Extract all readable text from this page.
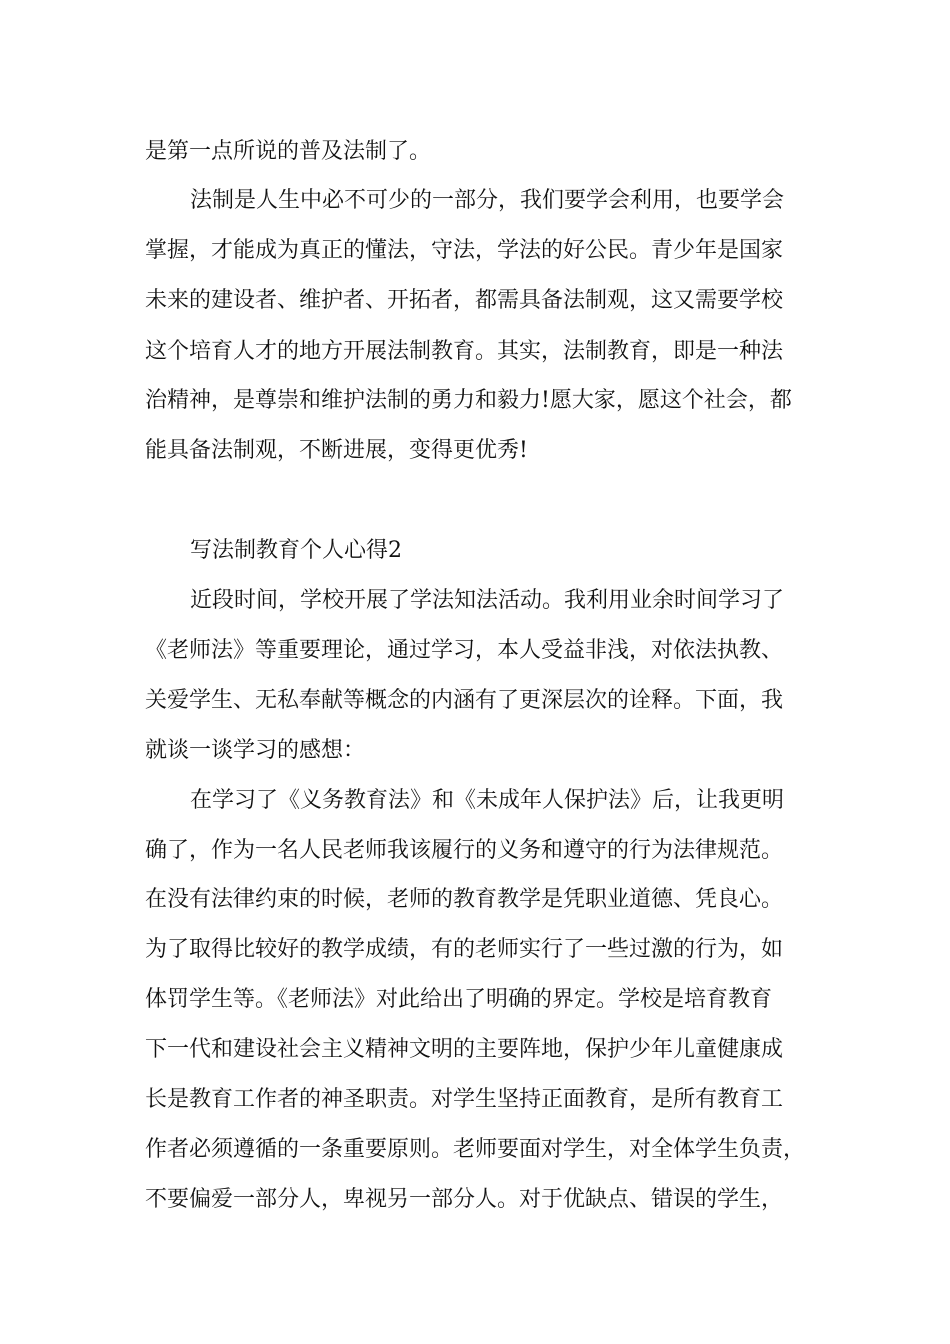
是第一点所说的普及法制了。
法制是人生中必不可少的一部分，我们要学会利用，也要学会
掌握，才能成为真正的懂法，守法，学法的好公民。青少年是国家
未来的建设者、维护者、开拓者，都需具备法制观，这又需要学校
这个培育人才的地方开展法制教育。其实，法制教育，即是一种法
治精神，是尊崇和维护法制的勇力和毅力!愿大家，愿这个社会，都
能具备法制观，不断进展，变得更优秀!
写法制教育个人心得2
近段时间，学校开展了学法知法活动。我利用业余时间学习了
《老师法》等重要理论，通过学习，本人受益非浅，对依法执教、
关爱学生、无私奉献等概念的内涵有了更深层次的诠释。下面，我
就谈一谈学习的感想：
在学习了《义务教育法》和《未成年人保护法》后，让我更明
确了，作为一名人民老师我该履行的义务和遵守的行为法律规范。
在没有法律约束的时候，老师的教育教学是凭职业道德、凭良心。
为了取得比较好的教学成绩，有的老师实行了一些过激的行为，如
体罚学生等。《老师法》对此给出了明确的界定。学校是培育教育
下一代和建设社会主义精神文明的主要阵地，保护少年儿童健康成
长是教育工作者的神圣职责。对学生坚持正面教育，是所有教育工
作者必须遵循的一条重要原则。老师要面对学生，对全体学生负责，
不要偏爱一部分人，卑视另一部分人。对于优缺点、错误的学生，
